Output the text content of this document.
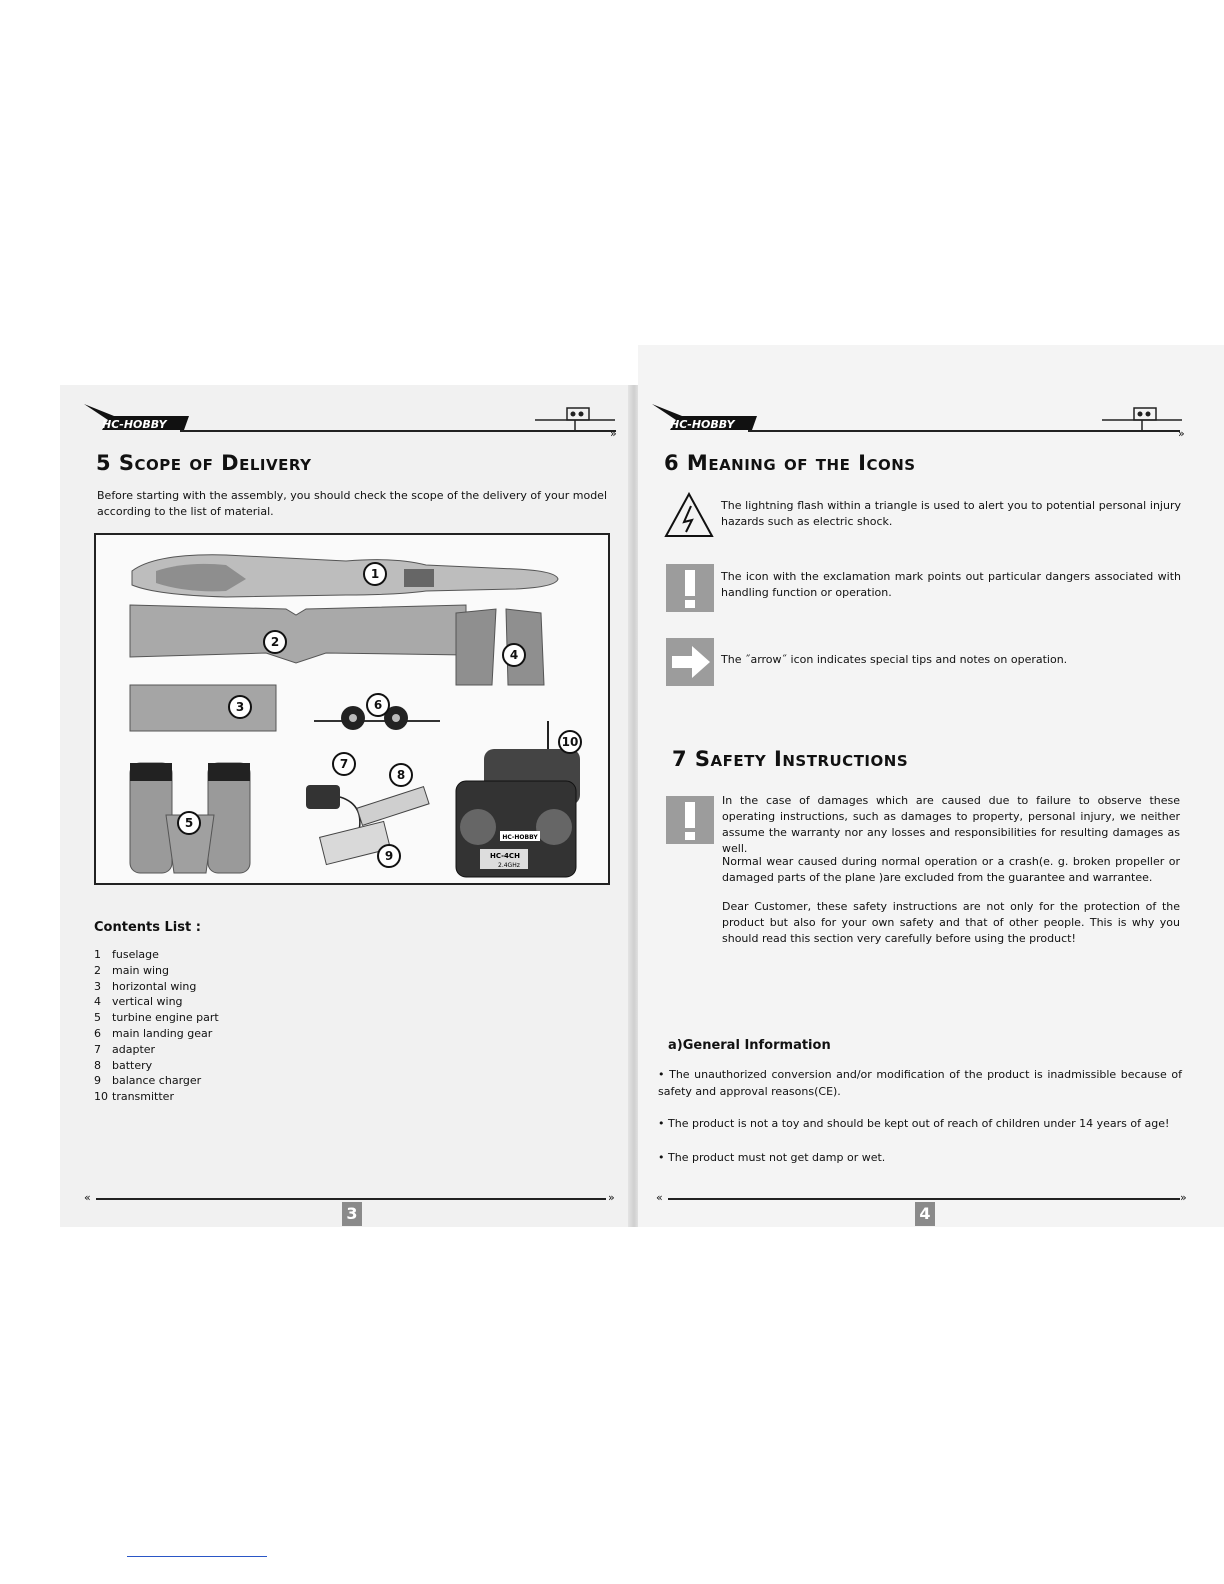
HC-HOBBY
»
5 Scope of Delivery

Before starting with the assembly, you should check the scope of the delivery of your model according to the list of material.

HC-HOBBY
HC-4CH
2.4GHz
1
2
3
4
5
6
7
8
9
10
Contents List :
1	fuselage
2	main wing
3	horizontal wing
4	vertical wing
5	turbine engine part
6	main landing gear
7	adapter
8	battery
9	balance charger
10 transmitter
«	»
3
HC-HOBBY
»
6 Meaning of the Icons

The lightning flash within a triangle is used to alert you to potential personal injury hazards such as electric shock.

The icon with the exclamation mark points out particular dangers associated with handling function or operation.

The ˝arrow˝ icon indicates special tips and notes on operation.

7 Safety Instructions

In the case of damages which are caused due to failure to observe these operating instructions, such as damages to property, personal injury, we neither assume the warranty nor any losses and responsibilities for resulting damages as well.

Normal wear caused during normal operation or a crash(e. g. broken propeller or damaged parts of the plane )are excluded from the guarantee and warrantee.

Dear Customer, these safety instructions are not only for the protection of the product but also for your own safety and that of other people. This is why you should read this section very carefully before using the product!

a)General Information

• The unauthorized conversion and/or modification of the product is inadmissible because of safety and approval reasons(CE).

• The product is not a toy and should be kept out of reach of children under 14 years of age!

• The product must not get damp or wet.

«	»
4
